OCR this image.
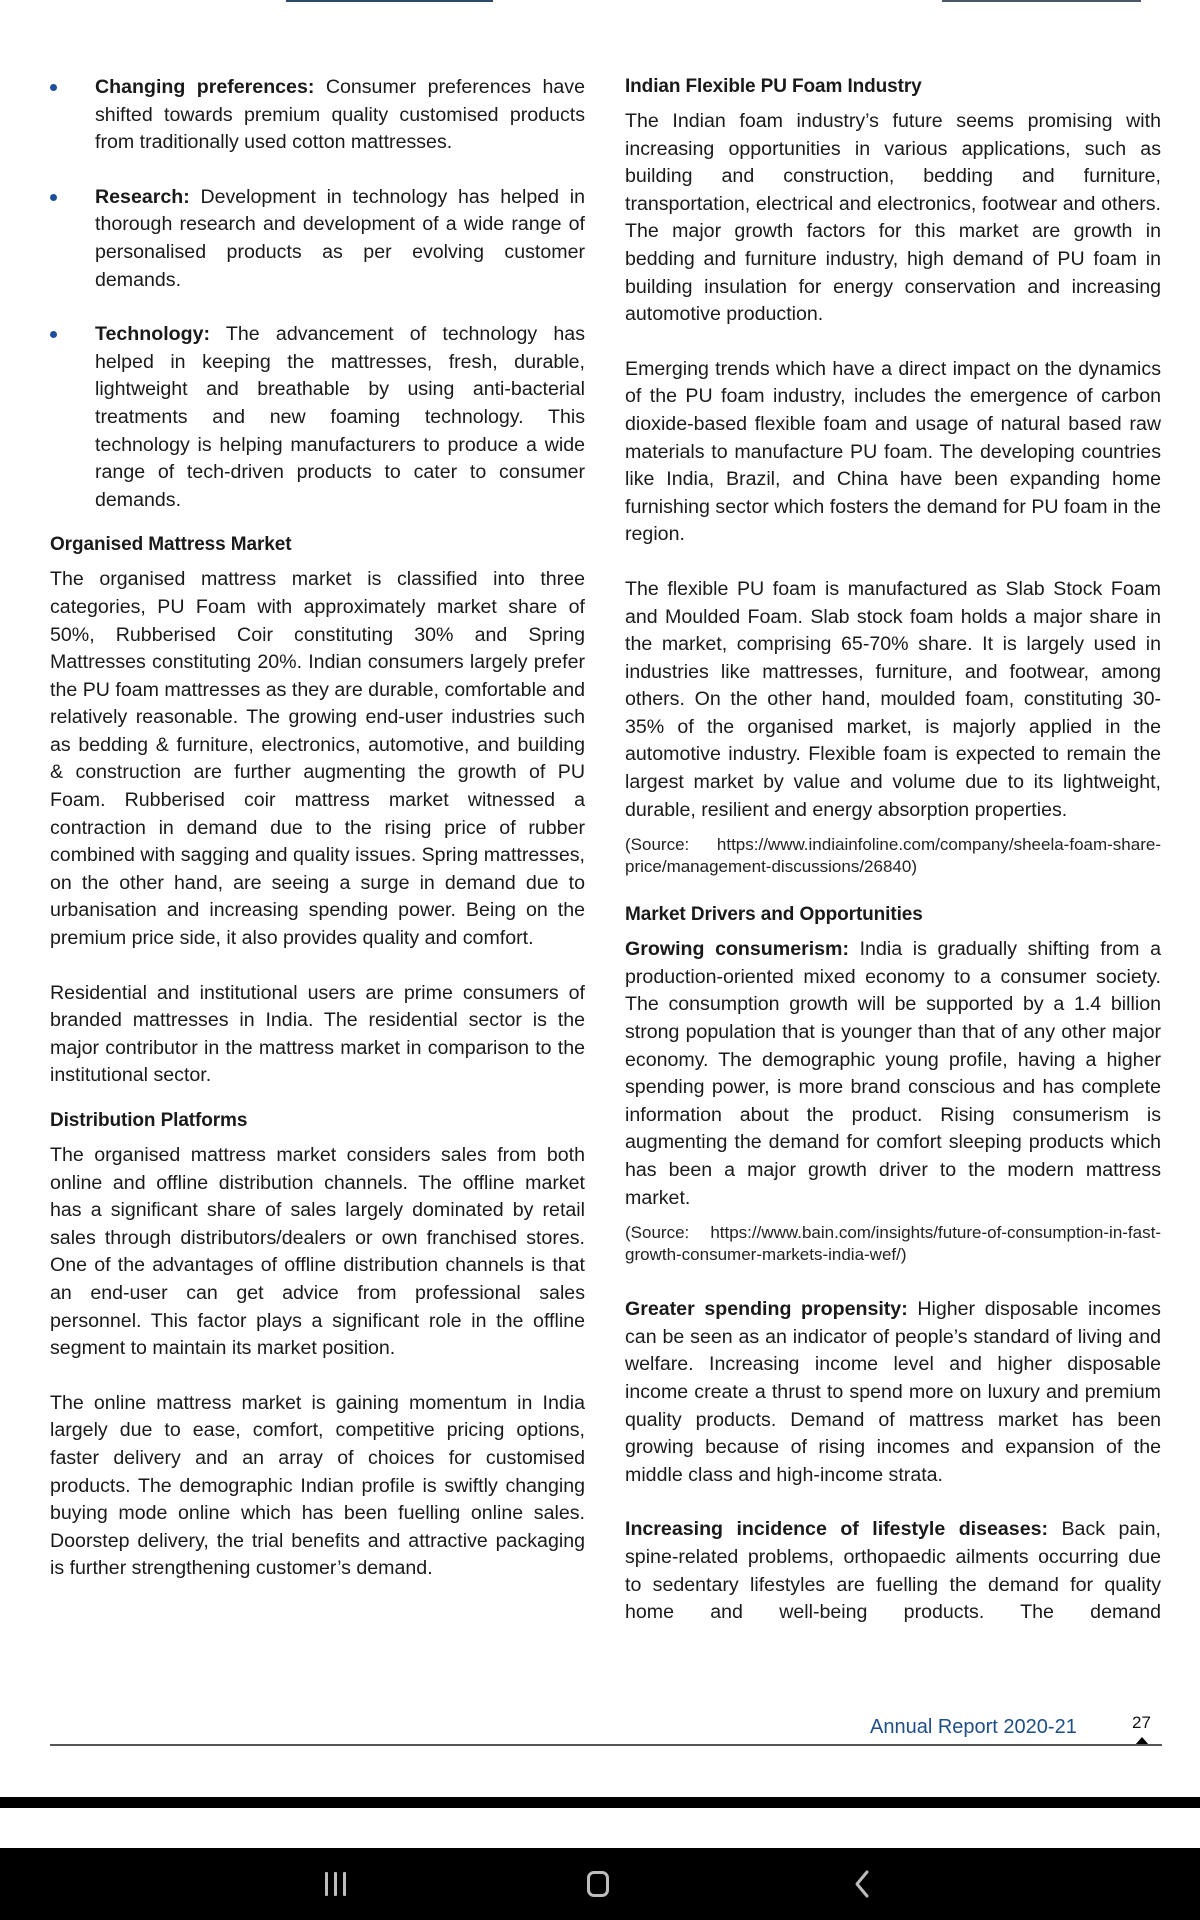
Changing preferences: Consumer preferences have shifted towards premium quality customised products from traditionally used cotton mattresses.

Research: Development in technology has helped in thorough research and development of a wide range of personalised products as per evolving customer demands.

Technology: The advancement of technology has helped in keeping the mattresses, fresh, durable, lightweight and breathable by using anti-bacterial treatments and new foaming technology. This technology is helping manufacturers to produce a wide range of tech-driven products to cater to consumer demands.

Organised Mattress Market

The organised mattress market is classified into three categories, PU Foam with approximately market share of 50%, Rubberised Coir constituting 30% and Spring Mattresses constituting 20%. Indian consumers largely prefer the PU foam mattresses as they are durable, comfortable and relatively reasonable. The growing end-user industries such as bedding & furniture, electronics, automotive, and building & construction are further augmenting the growth of PU Foam. Rubberised coir mattress market witnessed a contraction in demand due to the rising price of rubber combined with sagging and quality issues. Spring mattresses, on the other hand, are seeing a surge in demand due to urbanisation and increasing spending power. Being on the premium price side, it also provides quality and comfort.

Residential and institutional users are prime consumers of branded mattresses in India. The residential sector is the major contributor in the mattress market in comparison to the institutional sector.

Distribution Platforms

The organised mattress market considers sales from both online and offline distribution channels. The offline market has a significant share of sales largely dominated by retail sales through distributors/dealers or own franchised stores. One of the advantages of offline distribution channels is that an end-user can get advice from professional sales personnel. This factor plays a significant role in the offline segment to maintain its market position.

The online mattress market is gaining momentum in India largely due to ease, comfort, competitive pricing options, faster delivery and an array of choices for customised products. The demographic Indian profile is swiftly changing buying mode online which has been fuelling online sales. Doorstep delivery, the trial benefits and attractive packaging is further strengthening customer’s demand.

Indian Flexible PU Foam Industry

The Indian foam industry’s future seems promising with increasing opportunities in various applications, such as building and construction, bedding and furniture, transportation, electrical and electronics, footwear and others. The major growth factors for this market are growth in bedding and furniture industry, high demand of PU foam in building insulation for energy conservation and increasing automotive production.

Emerging trends which have a direct impact on the dynamics of the PU foam industry, includes the emergence of carbon dioxide-based flexible foam and usage of natural based raw materials to manufacture PU foam. The developing countries like India, Brazil, and China have been expanding home furnishing sector which fosters the demand for PU foam in the region.

The flexible PU foam is manufactured as Slab Stock Foam and Moulded Foam. Slab stock foam holds a major share in the market, comprising 65-70% share. It is largely used in industries like mattresses, furniture, and footwear, among others. On the other hand, moulded foam, constituting 30-35% of the organised market, is majorly applied in the automotive industry. Flexible foam is expected to remain the largest market by value and volume due to its lightweight, durable, resilient and energy absorption properties.

(Source: https://www.indiainfoline.com/company/sheela-foam-share-price/management-discussions/26840)

Market Drivers and Opportunities

Growing consumerism: India is gradually shifting from a production-oriented mixed economy to a consumer society. The consumption growth will be supported by a 1.4 billion strong population that is younger than that of any other major economy. The demographic young profile, having a higher spending power, is more brand conscious and has complete information about the product. Rising consumerism is augmenting the demand for comfort sleeping products which has been a major growth driver to the modern mattress market.

(Source: https://www.bain.com/insights/future-of-consumption-in-fast-growth-consumer-markets-india-wef/)

Greater spending propensity: Higher disposable incomes can be seen as an indicator of people’s standard of living and welfare. Increasing income level and higher disposable income create a thrust to spend more on luxury and premium quality products. Demand of mattress market has been growing because of rising incomes and expansion of the middle class and high-income strata.

Increasing incidence of lifestyle diseases: Back pain, spine-related problems, orthopaedic ailments occurring due to sedentary lifestyles are fuelling the demand for quality home and well-being products. The demand

Annual Report 2020-21	27
